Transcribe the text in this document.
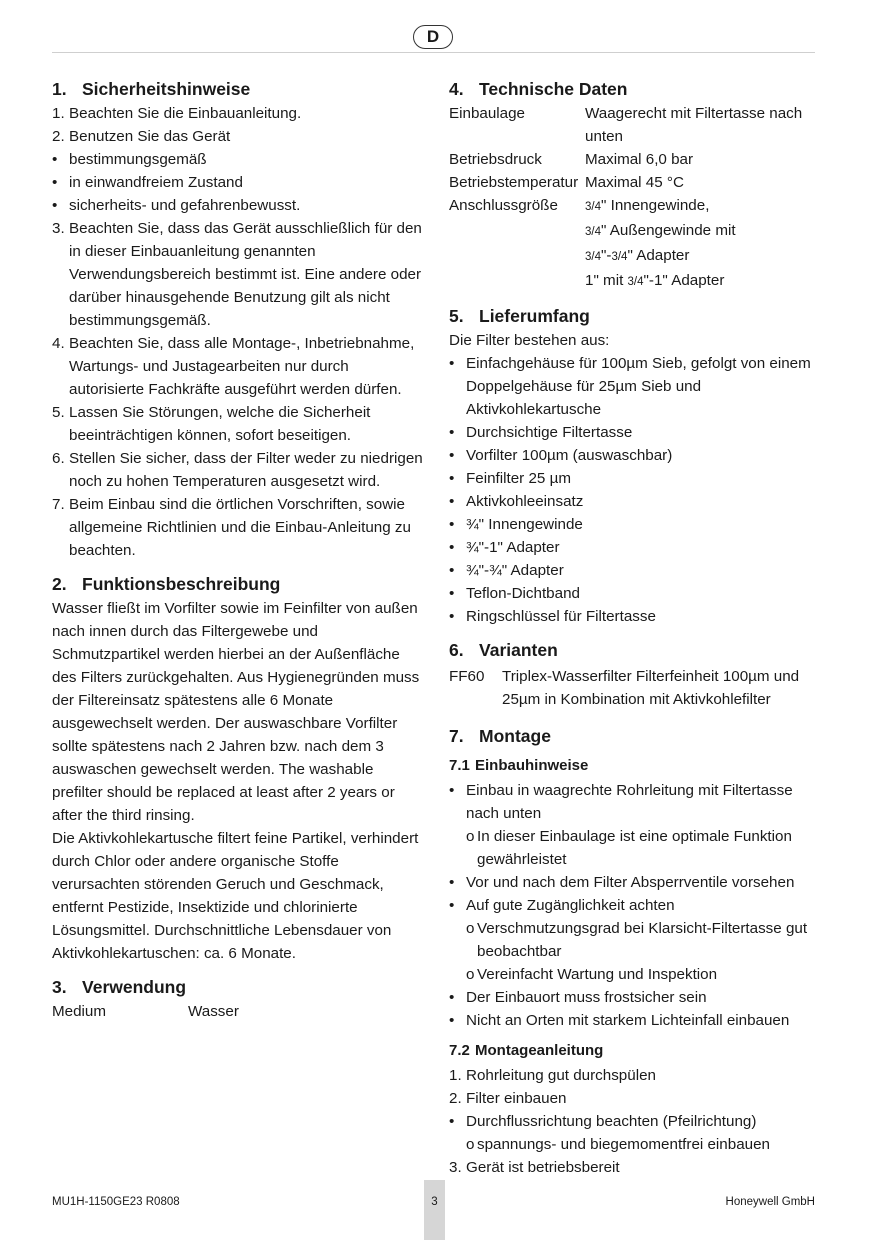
D
1. Sicherheitshinweise
1. Beachten Sie die Einbauanleitung.
2. Benutzen Sie das Gerät
• bestimmungsgemäß
• in einwandfreiem Zustand
• sicherheits- und gefahrenbewusst.
3. Beachten Sie, dass das Gerät ausschließlich für den in dieser Einbauanleitung genannten Verwendungsbereich bestimmt ist. Eine andere oder darüber hinausgehende Benutzung gilt als nicht bestimmungsgemäß.
4. Beachten Sie, dass alle Montage-, Inbetriebnahme, Wartungs- und Justagearbeiten nur durch autorisierte Fachkräfte ausgeführt werden dürfen.
5. Lassen Sie Störungen, welche die Sicherheit beeinträchtigen können, sofort beseitigen.
6. Stellen Sie sicher, dass der Filter weder zu niedrigen noch zu hohen Temperaturen ausgesetzt wird.
7. Beim Einbau sind die örtlichen Vorschriften, sowie allgemeine Richtlinien und die Einbau-Anleitung zu beachten.
2. Funktionsbeschreibung

Wasser fließt im Vorfilter sowie im Feinfilter von außen nach innen durch das Filtergewebe und Schmutzpartikel werden hierbei an der Außenfläche des Filters zurückgehalten. Aus Hygienegründen muss der Filtereinsatz spätestens alle 6 Monate ausgewechselt werden. Der auswaschbare Vorfilter sollte spätestens nach 2 Jahren bzw. nach dem 3 auswaschen gewechselt werden. The washable prefilter should be replaced at least after 2 years or after the third rinsing.

Die Aktivkohlekartusche filtert feine Partikel, verhindert durch Chlor oder andere organische Stoffe verursachten störenden Geruch und Geschmack, entfernt Pestizide, Insektizide und chlorinierte Lösungsmittel. Durchschnittliche Lebensdauer von Aktivkohlekartuschen: ca. 6 Monate.

3. Verwendung
Medium	Wasser
4. Technische Daten
Einbaulage	Waagerecht mit Filtertasse nach unten
Betriebsdruck	Maximal 6,0 bar
Betriebstemperatur Maximal 45 °C
Anschlussgröße	3/4" Innengewinde,
3/4" Außengewinde mit
3/4"-3/4" Adapter
1" mit 3/4"-1" Adapter
5. Lieferumfang

Die Filter bestehen aus:

• Einfachgehäuse für 100µm Sieb, gefolgt von einem Doppelgehäuse für 25µm Sieb und Aktivkohlekartusche
• Durchsichtige Filtertasse
• Vorfilter 100µm (auswaschbar)
• Feinfilter 25 µm
• Aktivkohleeinsatz
• ¾" Innengewinde
• ¾"-1" Adapter
• ¾"-¾" Adapter
• Teflon-Dichtband
• Ringschlüssel für Filtertasse
6. Varianten
FF60	Triplex-Wasserfilter Filterfeinheit 100µm und 25µm in Kombination mit Aktivkohlefilter
7. Montage
7.1 Einbauhinweise
• Einbau in waagrechte Rohrleitung mit Filtertasse nach unten
o In dieser Einbaulage ist eine optimale Funktion gewährleistet
• Vor und nach dem Filter Absperrventile vorsehen
• Auf gute Zugänglichkeit achten
o Verschmutzungsgrad bei Klarsicht-Filtertasse gut beobachtbar
o Vereinfacht Wartung und Inspektion
• Der Einbauort muss frostsicher sein
• Nicht an Orten mit starkem Lichteinfall einbauen
7.2 Montageanleitung
1. Rohrleitung gut durchspülen
2. Filter einbauen
• Durchflussrichtung beachten (Pfeilrichtung)
o spannungs- und biegemomentfrei einbauen
3. Gerät ist betriebsbereit
MU1H-1150GE23 R0808	3	Honeywell GmbH
